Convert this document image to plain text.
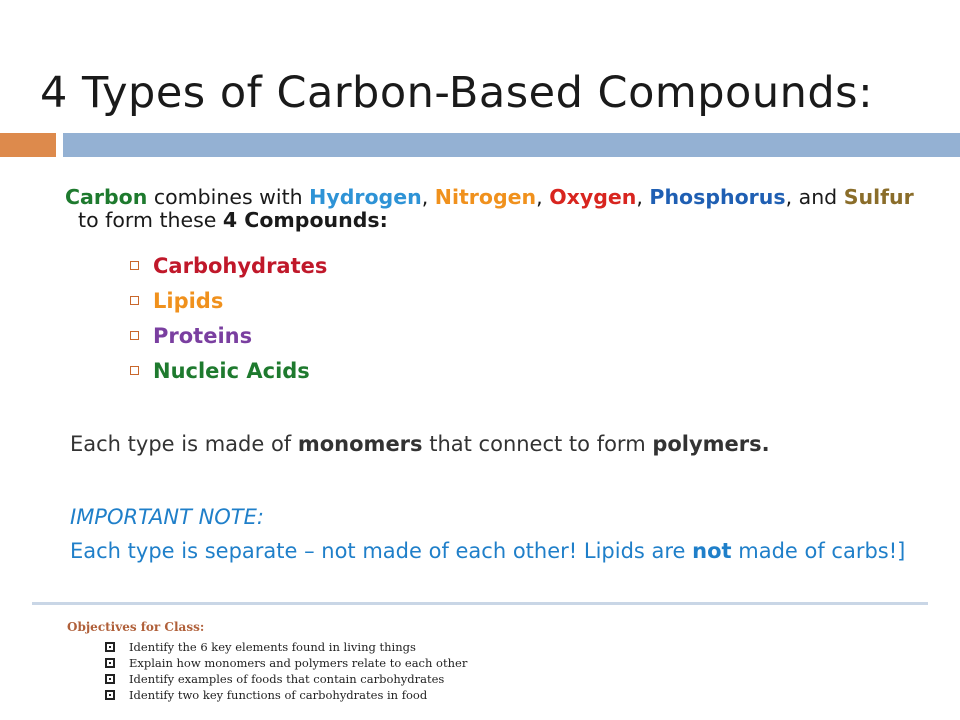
4 Types of Carbon-Based Compounds:
Carbon combines with Hydrogen, Nitrogen, Oxygen, Phosphorus, and Sulfur  to form these 4 Compounds:
Carbohydrates
Lipids
Proteins
Nucleic Acids
Each type is made of monomers that connect to form polymers.
IMPORTANT NOTE:
Each type is separate – not made of each other! Lipids are not made of carbs!]
Objectives for Class:
Identify the 6 key elements found in living things
Explain how monomers and polymers relate to each other
Identify examples of foods that contain carbohydrates
Identify two key functions of carbohydrates in food
